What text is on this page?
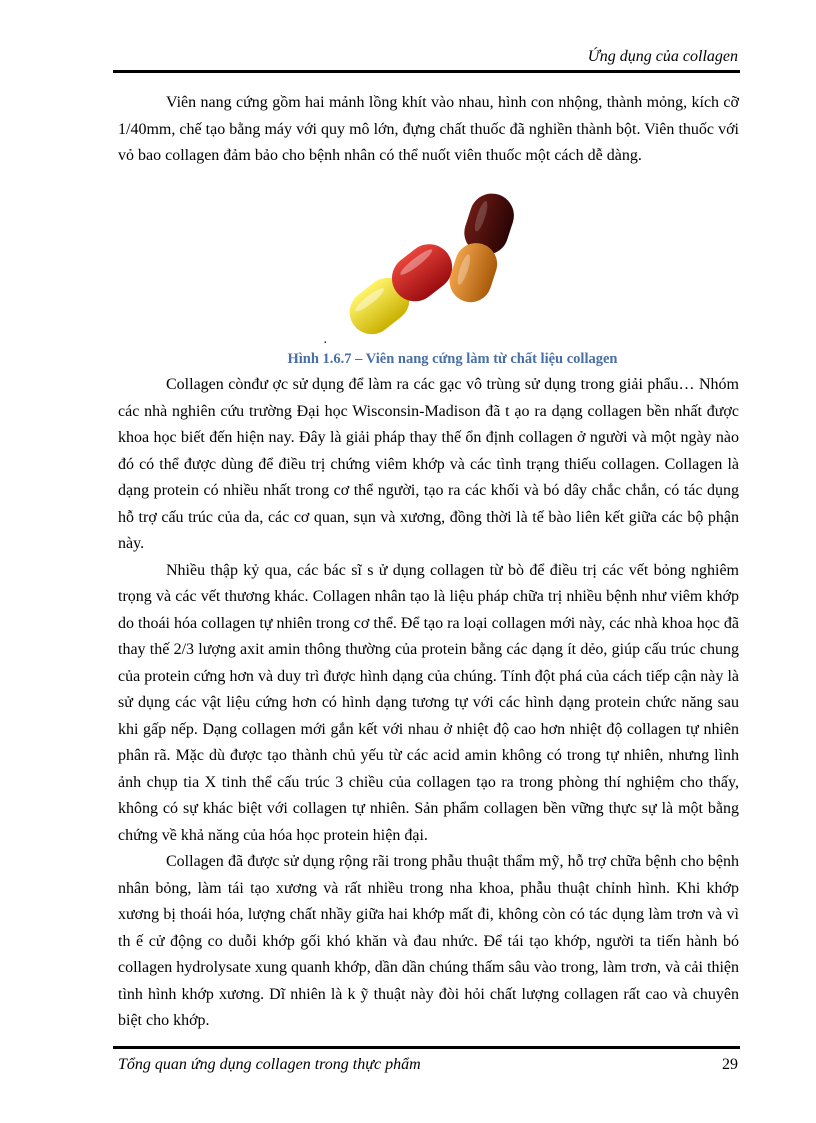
Ứng dụng của collagen

Viên nang cứng gồm hai mảnh lồng khít vào nhau, hình con nhộng, thành mỏng, kích cỡ 1/40mm, chế tạo bằng máy với quy mô lớn, đựng chất thuốc đã nghiền thành bột. Viên thuốc với vỏ bao collagen đảm bảo cho bệnh nhân có thể nuốt viên thuốc một cách dễ dàng.

.

Hình 1.6.7 – Viên nang cứng làm từ chất liệu collagen

Collagen cònđư ợc sử dụng để làm ra các gạc vô trùng sử dụng trong giải phẩu… Nhóm các nhà nghiên cứu trường Đại học Wisconsin-Madison đã t ạo ra dạng collagen bền nhất được khoa học biết đến hiện nay. Đây là giải pháp thay thế ổn định collagen ở người và một ngày nào đó có thể được dùng để điều trị chứng viêm khớp và các tình trạng thiếu collagen. Collagen là dạng protein có nhiều nhất trong cơ thể người, tạo ra các khối và bó dây chắc chắn, có tác dụng hỗ trợ cấu trúc của da, các cơ quan, sụn và xương, đồng thời là tế bào liên kết giữa các bộ phận này.

Nhiều thập kỷ qua, các bác sĩ s ử dụng collagen từ bò để điều trị các vết bỏng nghiêm trọng và các vết thương khác. Collagen nhân tạo là liệu pháp chữa trị nhiều bệnh như viêm khớp do thoái hóa collagen tự nhiên trong cơ thể. Để tạo ra loại collagen mới này, các nhà khoa học đã thay thế 2/3 lượng axit amin thông thường của protein bằng các dạng ít dẻo, giúp cấu trúc chung của protein cứng hơn và duy trì được hình dạng của chúng. Tính đột phá của cách tiếp cận này là sử dụng các vật liệu cứng hơn có hình dạng tương tự với các hình dạng protein chức năng sau khi gấp nếp. Dạng collagen mới gắn kết với nhau ở nhiệt độ cao hơn nhiệt độ collagen tự nhiên phân rã. Mặc dù được tạo thành chủ yếu từ các acid amin không có trong tự nhiên, nhưng lình ảnh chụp tia X tinh thể cấu trúc 3 chiều của collagen tạo ra trong phòng thí nghiệm cho thấy, không có sự khác biệt với collagen tự nhiên. Sản phẩm collagen bền vững thực sự là một bằng chứng về khả năng của hóa học protein hiện đại.

Collagen đã được sử dụng rộng rãi trong phẫu thuật thẩm mỹ, hỗ trợ chữa bệnh cho bệnh nhân bỏng, làm tái tạo xương và rất nhiều trong nha khoa, phẫu thuật chỉnh hình. Khi khớp xương bị thoái hóa, lượng chất nhầy giữa hai khớp mất đi, không còn có tác dụng làm trơn và vì th ế cử động co duỗi khớp gối khó khăn và đau nhức. Để tái tạo khớp, người ta tiến hành bó collagen hydrolysate xung quanh khớp, dần dần chúng thấm sâu vào trong, làm trơn, và cải thiện tình hình khớp xương. Dĩ nhiên là k ỹ thuật này đòi hỏi chất lượng collagen rất cao và chuyên biệt cho khớp.

Tổng quan ứng dụng collagen trong thực phẩm	29
